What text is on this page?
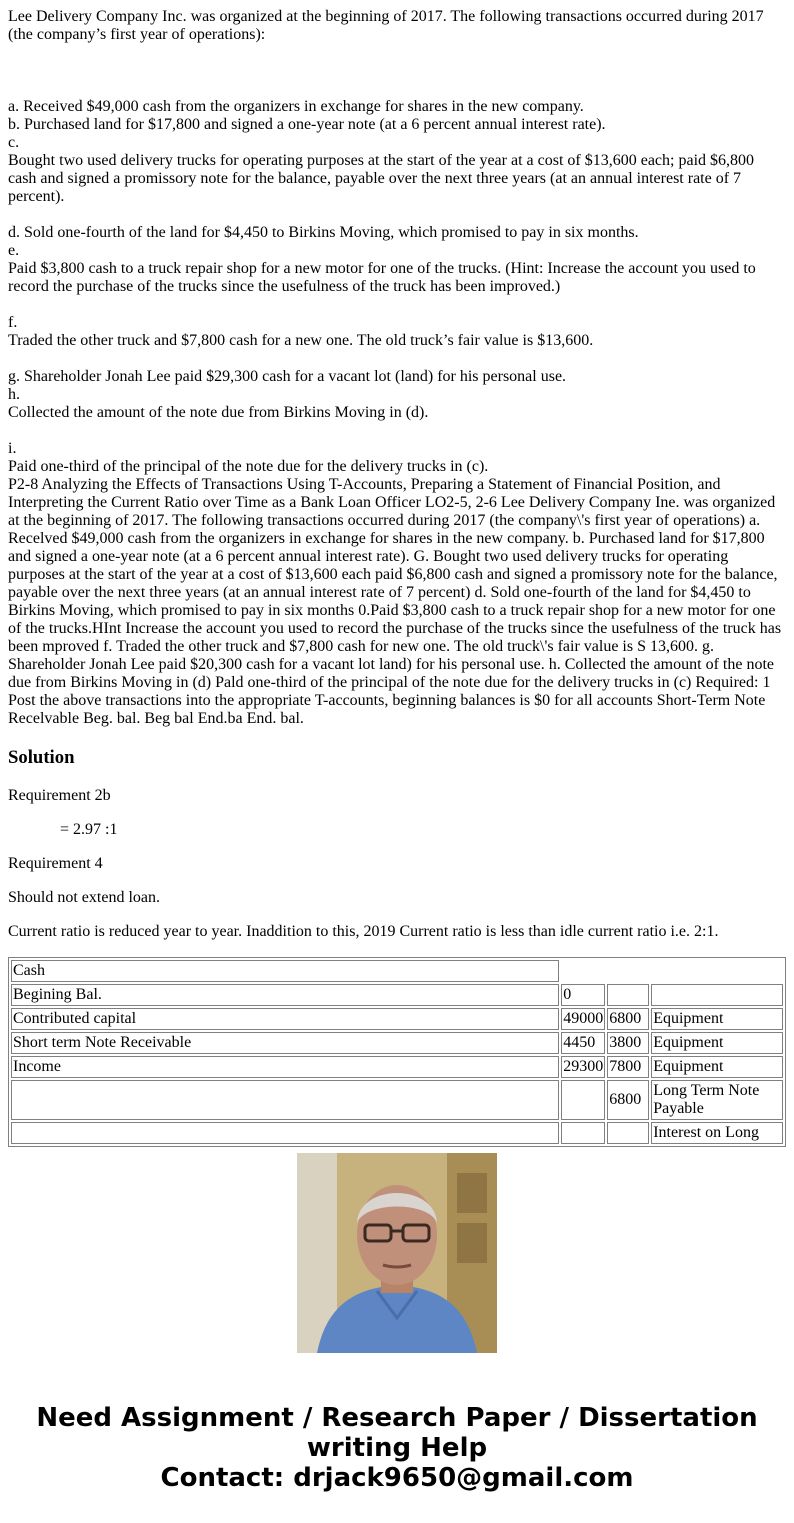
Lee Delivery Company Inc. was organized at the beginning of 2017. The following transactions occurred during 2017 (the company’s first year of operations):
a. Received $49,000 cash from the organizers in exchange for shares in the new company.
b. Purchased land for $17,800 and signed a one-year note (at a 6 percent annual interest rate).
c.
Bought two used delivery trucks for operating purposes at the start of the year at a cost of $13,600 each; paid $6,800 cash and signed a promissory note for the balance, payable over the next three years (at an annual interest rate of 7 percent).
d. Sold one-fourth of the land for $4,450 to Birkins Moving, which promised to pay in six months.
e.
Paid $3,800 cash to a truck repair shop for a new motor for one of the trucks. (Hint: Increase the account you used to record the purchase of the trucks since the usefulness of the truck has been improved.)
f.
Traded the other truck and $7,800 cash for a new one. The old truck’s fair value is $13,600.
g. Shareholder Jonah Lee paid $29,300 cash for a vacant lot (land) for his personal use.
h.
Collected the amount of the note due from Birkins Moving in (d).
i.
Paid one-third of the principal of the note due for the delivery trucks in (c).
P2-8 Analyzing the Effects of Transactions Using T-Accounts, Preparing a Statement of Financial Position, and Interpreting the Current Ratio over Time as a Bank Loan Officer LO2-5, 2-6 Lee Delivery Company Ine. was organized at the beginning of 2017. The following transactions occurred during 2017 (the company\'s first year of operations) a. Recelved $49,000 cash from the organizers in exchange for shares in the new company. b. Purchased land for $17,800 and signed a one-year note (at a 6 percent annual interest rate). G. Bought two used delivery trucks for operating purposes at the start of the year at a cost of $13,600 each paid $6,800 cash and signed a promissory note for the balance, payable over the next three years (at an annual interest rate of 7 percent) d. Sold one-fourth of the land for $4,450 to Birkins Moving, which promised to pay in six months 0.Paid $3,800 cash to a truck repair shop for a new motor for one of the trucks.HInt Increase the account you used to record the purchase of the trucks since the usefulness of the truck has been mproved f. Traded the other truck and $7,800 cash for new one. The old truck\'s fair value is S 13,600. g. Shareholder Jonah Lee paid $20,300 cash for a vacant lot land) for his personal use. h. Collected the amount of the note due from Birkins Moving in (d) Pald one-third of the principal of the note due for the delivery trucks in (c) Required: 1 Post the above transactions into the appropriate T-accounts, beginning balances is $0 for all accounts Short-Term Note Recelvable Beg. bal. Beg bal End.ba End. bal.
Solution

Requirement 2b

= 2.97 :1

Requirement 4

Should not extend loan.

Current ratio is reduced year to year. Inaddition to this, 2019 Current ratio is less than idle current ratio i.e. 2:1.

Cash			
Begining Bal.	0		
Contributed capital	49000	6800	Equipment
Short term Note Receivable	4450	3800	Equipment
Income	29300	7800	Equipment
		6800	Long Term Note Payable
			Interest on Long
Need Assignment / Research Paper / Dissertation
writing Help
Contact: drjack9650@gmail.com
